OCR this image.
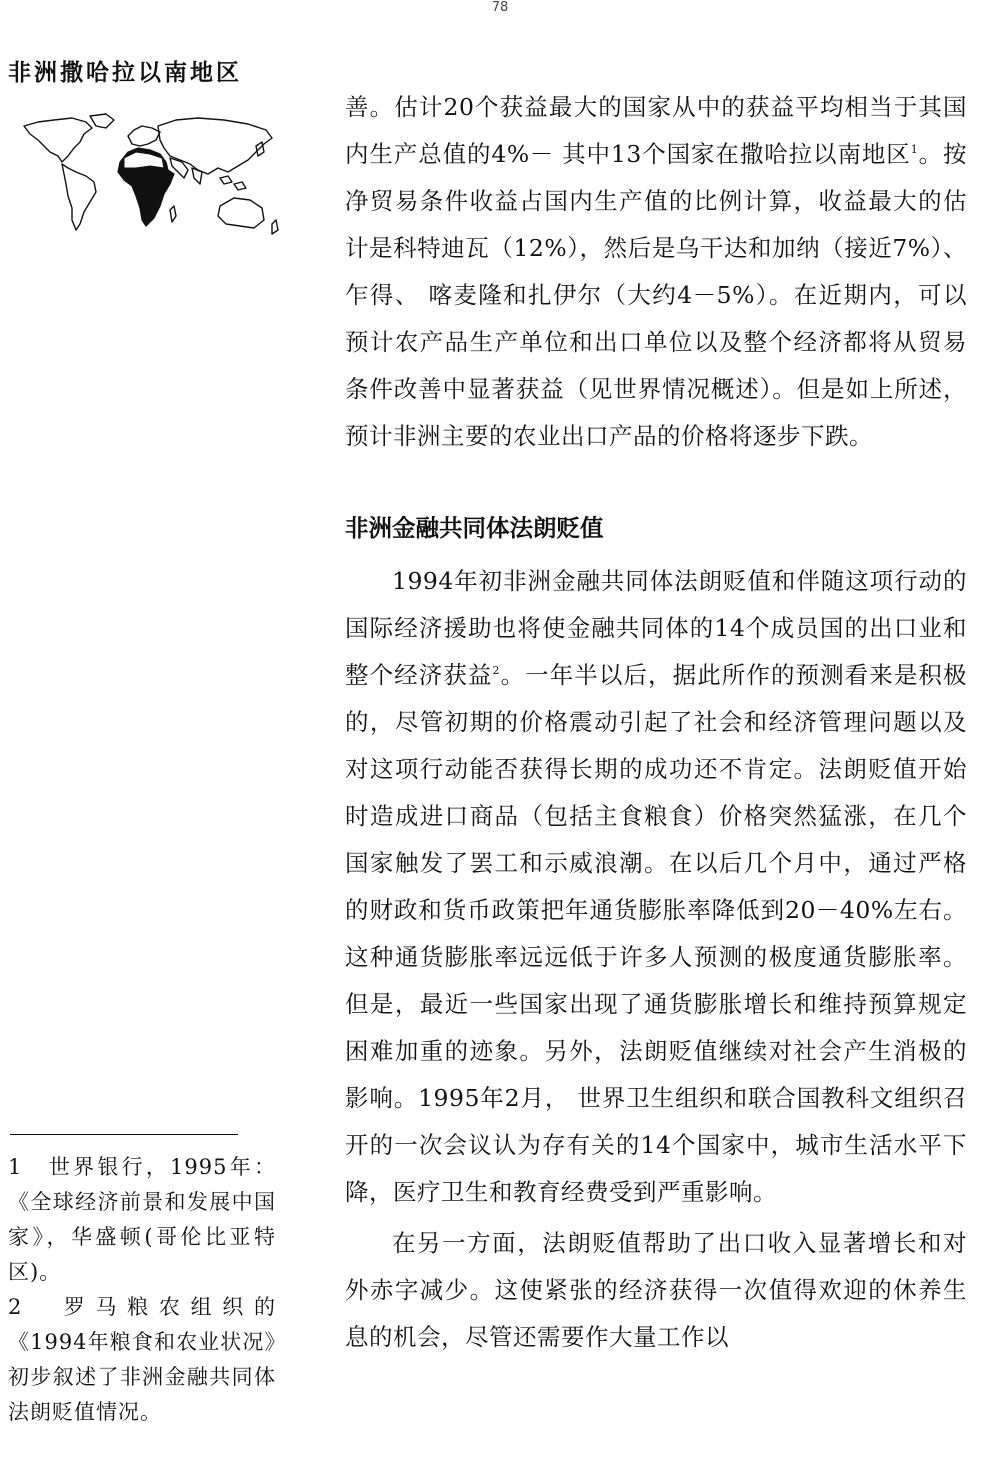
78
非洲撒哈拉以南地区

善。估计20个获益最大的国家从中的获益平均相当于其国内生产总值的4%－ 其中13个国家在撒哈拉以南地区$^1$。按净贸易条件收益占国内生产值的比例计算，收益最大的估计是科特迪瓦（12%），然后是乌干达和加纳（接近7%）、乍得、 喀麦隆和扎伊尔（大约4－5%）。在近期内，可以预计农产品生产单位和出口单位以及整个经济都将从贸易条件改善中显著获益（见世界情况概述）。但是如上所述，预计非洲主要的农业出口产品的价格将逐步下跌。

非洲金融共同体法朗贬值

1994年初非洲金融共同体法朗贬值和伴随这项行动的国际经济援助也将使金融共同体的14个成员国的出口业和整个经济获益$^2$。一年半以后，据此所作的预测看来是积极的，尽管初期的价格震动引起了社会和经济管理问题以及对这项行动能否获得长期的成功还不肯定。法朗贬值开始时造成进口商品（包括主食粮食）价格突然猛涨，在几个国家触发了罢工和示威浪潮。在以后几个月中，通过严格的财政和货币政策把年通货膨胀率降低到20－40%左右。这种通货膨胀率远远低于许多人预测的极度通货膨胀率。但是，最近一些国家出现了通货膨胀增长和维持预算规定困难加重的迹象。另外，法朗贬值继续对社会产生消极的影响。1995年2月， 世界卫生组织和联合国教科文组织召开的一次会议认为存有关的14个国家中，城市生活水平下降，医疗卫生和教育经费受到严重影响。

在另一方面，法朗贬值帮助了出口收入显著增长和对外赤字减少。这使紧张的经济获得一次值得欢迎的休养生息的机会，尽管还需要作大量工作以

1　世界银行，1995年：《全球经济前景和发展中国家》，华盛顿(哥伦比亚特区)。

2　罗马粮农组织的《1994年粮食和农业状况》初步叙述了非洲金融共同体法朗贬值情况。
